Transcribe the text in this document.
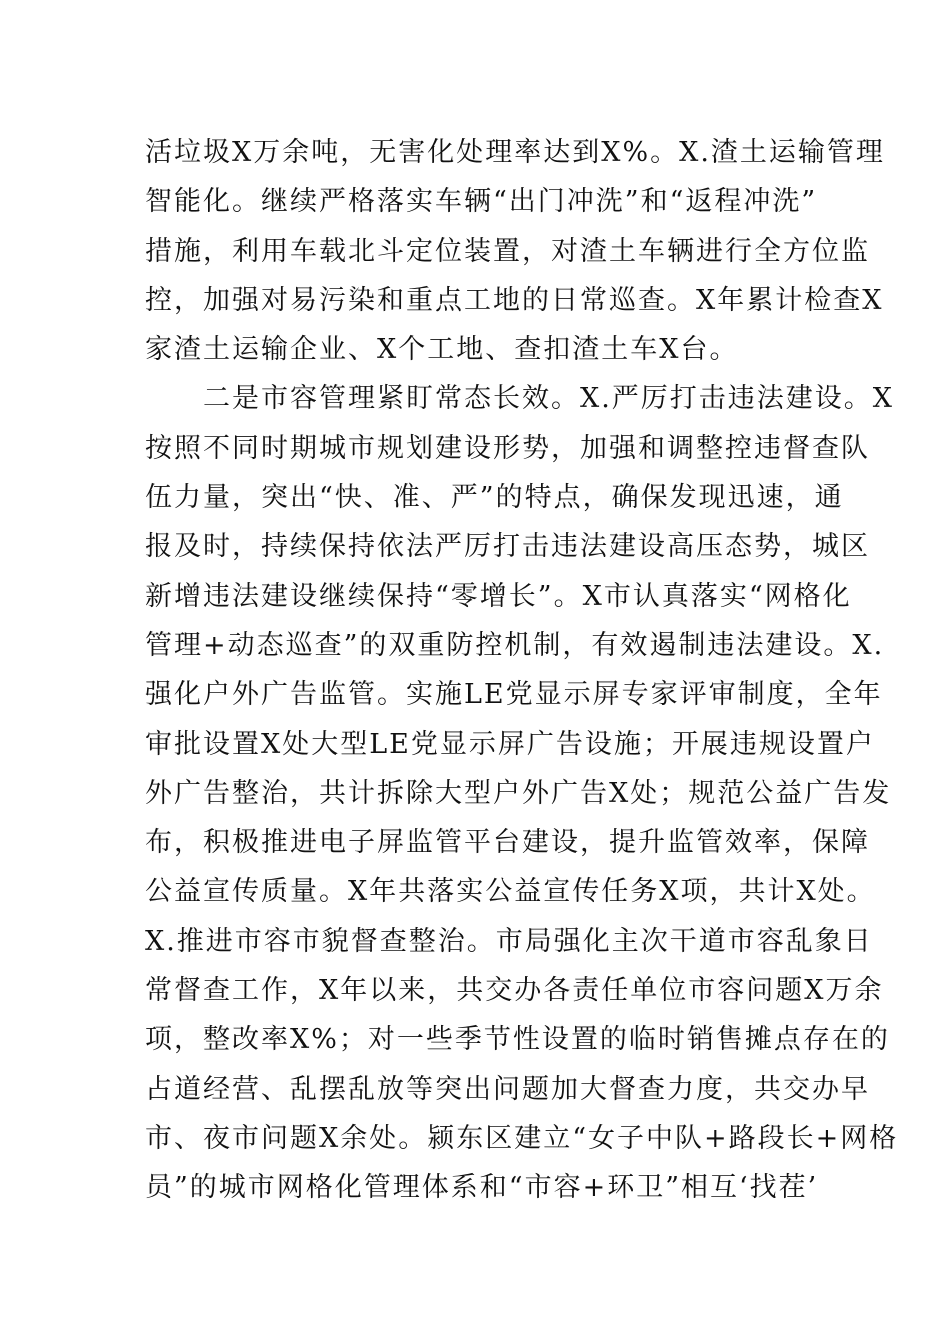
活垃圾X万余吨，无害化处理率达到X%。X.渣土运输管理
智能化。继续严格落实车辆“出门冲洗”和“返程冲洗”
措施，利用车载北斗定位装置，对渣土车辆进行全方位监
控，加强对易污染和重点工地的日常巡查。X年累计检查X
家渣土运输企业、X个工地、查扣渣土车X台。
　　二是市容管理紧盯常态长效。X.严厉打击违法建设。X
按照不同时期城市规划建设形势，加强和调整控违督查队
伍力量，突出“快、准、严”的特点，确保发现迅速，通
报及时，持续保持依法严厉打击违法建设高压态势，城区
新增违法建设继续保持“零增长”。X市认真落实“网格化
管理+动态巡查”的双重防控机制，有效遏制违法建设。X.
强化户外广告监管。实施LE党显示屏专家评审制度，全年
审批设置X处大型LE党显示屏广告设施；开展违规设置户
外广告整治，共计拆除大型户外广告X处；规范公益广告发
布，积极推进电子屏监管平台建设，提升监管效率，保障
公益宣传质量。X年共落实公益宣传任务X项，共计X处。
X.推进市容市貌督查整治。市局强化主次干道市容乱象日
常督查工作，X年以来，共交办各责任单位市容问题X万余
项，整改率X%；对一些季节性设置的临时销售摊点存在的
占道经营、乱摆乱放等突出问题加大督查力度，共交办早
市、夜市问题X余处。颍东区建立“女子中队+路段长+网格
员”的城市网格化管理体系和“市容+环卫”相互‘找茬’
